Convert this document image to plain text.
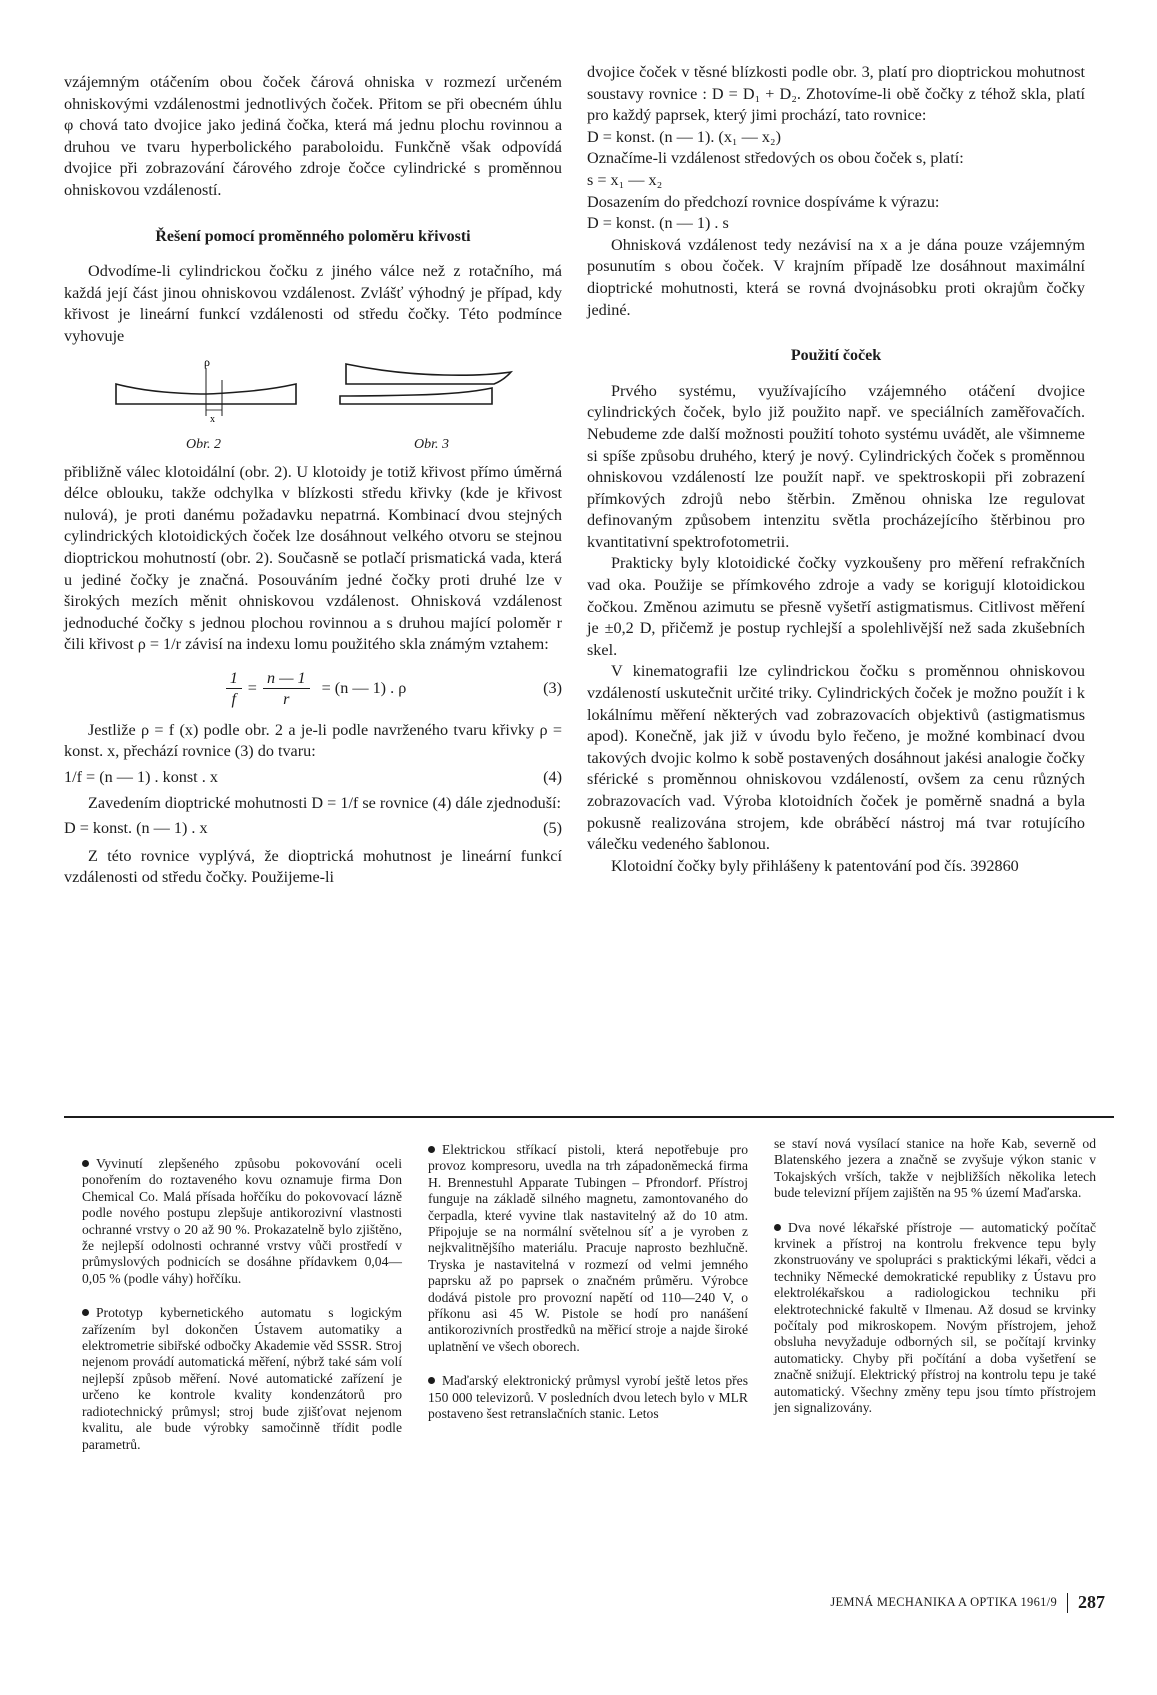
vzájemným otáčením obou čoček čárová ohniska v rozmezí určeném ohniskovými vzdálenostmi jednotlivých čoček. Přitom se při obecném úhlu φ chová tato dvojice jako jediná čočka, která má jednu plochu rovinnou a druhou ve tvaru hyperbolického paraboloidu. Funkčně však odpovídá dvojice při zobrazování čárového zdroje čočce cylindrické s proměnnou ohniskovou vzdáleností.

Řešení pomocí proměnného poloměru křivosti

Odvodíme-li cylindrickou čočku z jiného válce než z rotačního, má každá její část jinou ohniskovou vzdálenost. Zvlášť výhodný je případ, kdy křivost je lineární funkcí vzdálenosti od středu čočky. Této podmínce vyhovuje

ρ
x
Obr. 2	Obr. 3

přibližně válec klotoidální (obr. 2). U klotoidy je totiž křivost přímo úměrná délce oblouku, takže odchylka v blízkosti středu křivky (kde je křivost nulová), je proti danému požadavku nepatrná. Kombinací dvou stejných cylindrických klotoidických čoček lze dosáhnout velkého otvoru se stejnou dioptrickou mohutností (obr. 2). Současně se potlačí prismatická vada, která u jediné čočky je značná. Posouváním jedné čočky proti druhé lze v širokých mezích měnit ohniskovou vzdálenost. Ohnisková vzdálenost jednoduché čočky s jednou plochou rovinnou a s druhou mající poloměr r čili křivost ρ = 1/r závisí na indexu lomu použitého skla známým vztahem:

$\frac{1}{f} = \frac{n — 1}{r} = (n$ — 1) . ρ	(3)

Jestliže ρ = f (x) podle obr. 2 a je-li podle navrženého tvaru křivky ρ = konst. x, přechází rovnice (3) do tvaru:

1/f = (n — 1) . konst . x	(4)

Zavedením dioptrické mohutnosti D = 1/f se rovnice (4) dále zjednoduší:

D = konst. (n — 1) . x	(5)

Z této rovnice vyplývá, že dioptrická mohutnost je lineární funkcí vzdálenosti od středu čočky. Použijeme-li

dvojice čoček v těsné blízkosti podle obr. 3, platí pro dioptrickou mohutnost soustavy rovnice : D = D₁ + D₂. Zhotovíme-li obě čočky z téhož skla, platí pro každý paprsek, který jimi prochází, tato rovnice:

D = konst. (n — 1). (x₁ — x₂)

Označíme-li vzdálenost středových os obou čoček s, platí:

s = x₁ — x₂

Dosazením do předchozí rovnice dospíváme k výrazu:

D = konst. (n — 1) . s

Ohnisková vzdálenost tedy nezávisí na x a je dána pouze vzájemným posunutím s obou čoček. V krajním případě lze dosáhnout maximální dioptrické mohutnosti, která se rovná dvojnásobku proti okrajům čočky jediné.

Použití čoček

Prvého systému, využívajícího vzájemného otáčení dvojice cylindrických čoček, bylo již použito např. ve speciálních zaměřovačích. Nebudeme zde další možnosti použití tohoto systému uvádět, ale všimneme si spíše způsobu druhého, který je nový. Cylindrických čoček s proměnnou ohniskovou vzdáleností lze použít např. ve spektroskopii při zobrazení přímkových zdrojů nebo štěrbin. Změnou ohniska lze regulovat definovaným způsobem intenzitu světla procházejícího štěrbinou pro kvantitativní spektrofotometrii.

Prakticky byly klotoidické čočky vyzkoušeny pro měření refrakčních vad oka. Použije se přímkového zdroje a vady se korigují klotoidickou čočkou. Změnou azimutu se přesně vyšetří astigmatismus. Citlivost měření je ±0,2 D, přičemž je postup rychlejší a spolehlivější než sada zkušebních skel.

V kinematografii lze cylindrickou čočku s proměnnou ohniskovou vzdáleností uskutečnit určité triky. Cylindrických čoček je možno použít i k lokálnímu měření některých vad zobrazovacích objektivů (astigmatismus apod). Konečně, jak již v úvodu bylo řečeno, je možné kombinací dvou takových dvojic kolmo k sobě postavených dosáhnout jakési analogie čočky sférické s proměnnou ohniskovou vzdáleností, ovšem za cenu různých zobrazovacích vad. Výroba klotoidních čoček je poměrně snadná a byla pokusně realizována strojem, kde obráběcí nástroj má tvar rotujícího válečku vedeného šablonou.

Klotoidní čočky byly přihlášeny k patentování pod čís. 392860

Vyvinutí zlepšeného způsobu pokovování oceli ponořením do roztaveného kovu oznamuje firma Don Chemical Co. Malá přísada hořčíku do pokovovací lázně podle nového postupu zlepšuje antikorozivní vlastnosti ochranné vrstvy o 20 až 90 %. Prokazatelně bylo zjištěno, že nejlepší odolnosti ochranné vrstvy vůči prostředí v průmyslových podnicích se dosáhne přídavkem 0,04—0,05 % (podle váhy) hořčíku.

Prototyp kybernetického automatu s logickým zařízením byl dokončen Ústavem automatiky a elektrometrie sibiřské odbočky Akademie věd SSSR. Stroj nejenom provádí automatická měření, nýbrž také sám volí nejlepší způsob měření. Nové automatické zařízení je určeno ke kontrole kvality kondenzátorů pro radiotechnický průmysl; stroj bude zjišťovat nejenom kvalitu, ale bude výrobky samočinně třídit podle parametrů.

Elektrickou stříkací pistoli, která nepotřebuje pro provoz kompresoru, uvedla na trh západoněmecká firma H. Brennestuhl Apparate Tubingen – Pfrondorf. Přístroj funguje na základě silného magnetu, zamontovaného do čerpadla, které vyvine tlak nastavitelný až do 10 atm. Připojuje se na normální světelnou síť a je vyroben z nejkvalitnějšího materiálu. Pracuje naprosto bezhlučně. Tryska je nastavitelná v rozmezí od velmi jemného paprsku až po paprsek o značném průměru. Výrobce dodává pistole pro provozní napětí od 110—240 V, o příkonu asi 45 W. Pistole se hodí pro nanášení antikorozivních prostředků na měřicí stroje a najde široké uplatnění ve všech oborech.

Maďarský elektronický průmysl vyrobí ještě letos přes 150 000 televizorů. V posledních dvou letech bylo v MLR postaveno šest retranslačních stanic. Letos

se staví nová vysílací stanice na hoře Kab, severně od Blatenského jezera a značně se zvyšuje výkon stanic v Tokajských vrších, takže v nejbližších několika letech bude televizní příjem zajištěn na 95 % území Maďarska.

Dva nové lékařské přístroje — automatický počítač krvinek a přístroj na kontrolu frekvence tepu byly zkonstruovány ve spolupráci s praktickými lékaři, vědci a techniky Německé demokratické republiky z Ústavu pro elektrolékařskou a radiologickou techniku při elektrotechnické fakultě v Ilmenau. Až dosud se krvinky počítaly pod mikroskopem. Novým přístrojem, jehož obsluha nevyžaduje odborných sil, se počítají krvinky automaticky. Chyby při počítání a doba vyšetření se značně snižují. Elektrický přístroj na kontrolu tepu je také automatický. Všechny změny tepu jsou tímto přístrojem jen signalizovány.

JEMNÁ MECHANIKA A OPTIKA 1961/9 287
